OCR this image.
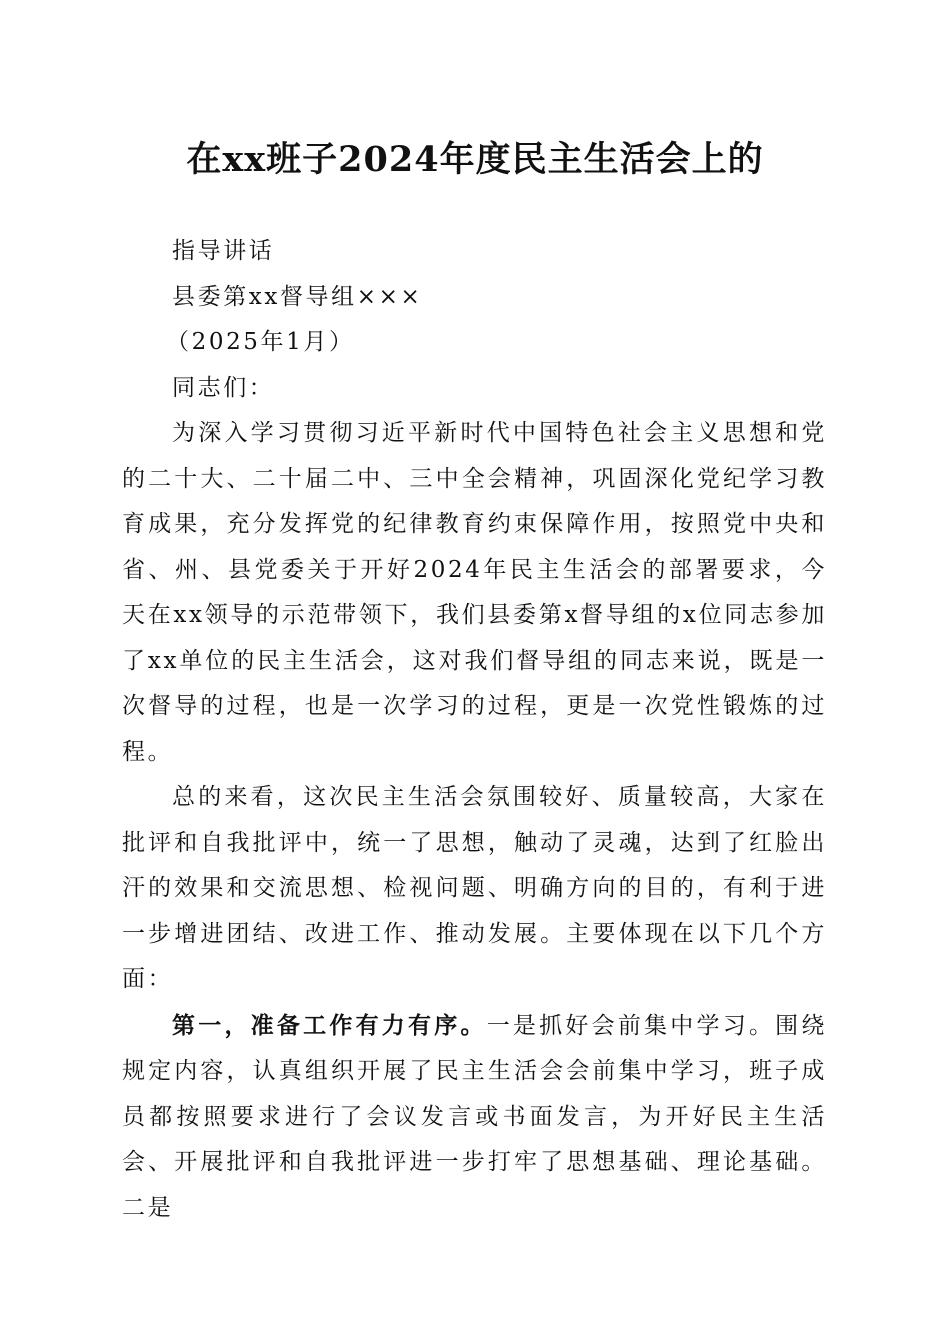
在xx班子2024年度民主生活会上的

指导讲话

县委第xx督导组×××

（2025年1月）

同志们：

为深入学习贯彻习近平新时代中国特色社会主义思想和党的二十大、二十届二中、三中全会精神，巩固深化党纪学习教育成果，充分发挥党的纪律教育约束保障作用，按照党中央和省、州、县党委关于开好2024年民主生活会的部署要求，今天在xx领导的示范带领下，我们县委第x督导组的x位同志参加了xx单位的民主生活会，这对我们督导组的同志来说，既是一次督导的过程，也是一次学习的过程，更是一次党性锻炼的过程。

总的来看，这次民主生活会氛围较好、质量较高，大家在批评和自我批评中，统一了思想，触动了灵魂，达到了红脸出汗的效果和交流思想、检视问题、明确方向的目的，有利于进一步增进团结、改进工作、推动发展。主要体现在以下几个方面：

第一，准备工作有力有序。一是抓好会前集中学习。围绕规定内容，认真组织开展了民主生活会会前集中学习，班子成员都按照要求进行了会议发言或书面发言，为开好民主生活会、开展批评和自我批评进一步打牢了思想基础、理论基础。二是
